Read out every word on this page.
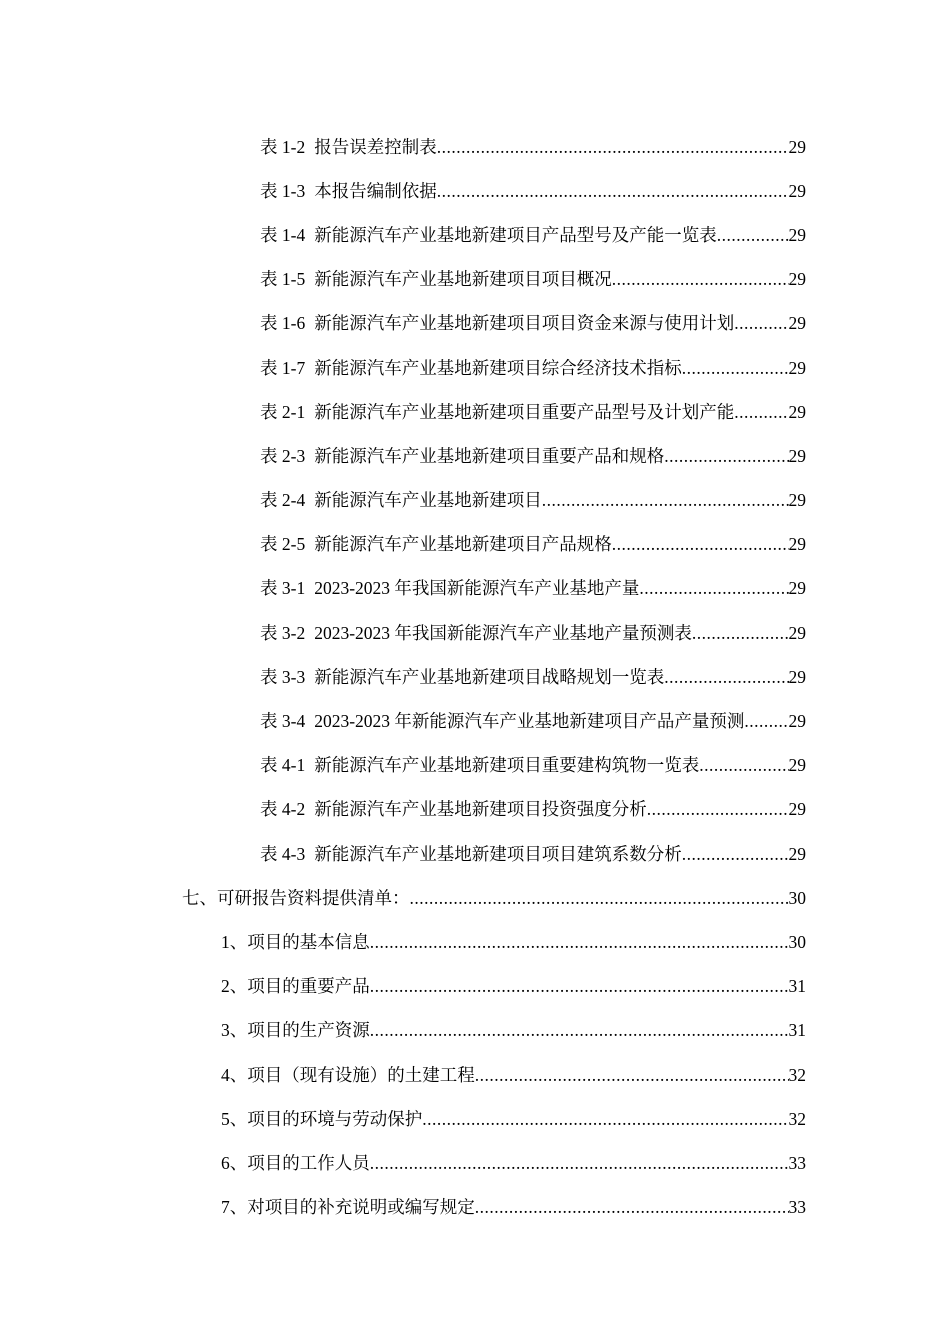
表 1-2 报告误差控制表 .....	29
表 1-3 本报告编制依据 .....	29
表 1-4 新能源汽车产业基地新建项目产品型号及产能一览表 .....	29
表 1-5 新能源汽车产业基地新建项目项目概况 .....	29
表 1-6 新能源汽车产业基地新建项目项目资金来源与使用计划 .....	29
表 1-7 新能源汽车产业基地新建项目综合经济技术指标 .....	29
表 2-1 新能源汽车产业基地新建项目重要产品型号及计划产能 .....	29
表 2-3 新能源汽车产业基地新建项目重要产品和规格 .....	29
表 2-4 新能源汽车产业基地新建项目 .....	29
表 2-5 新能源汽车产业基地新建项目产品规格 .....	29
表 3-1 2023-2023 年我国新能源汽车产业基地产量 .....	29
表 3-2 2023-2023 年我国新能源汽车产业基地产量预测表 .....	29
表 3-3 新能源汽车产业基地新建项目战略规划一览表 .....	29
表 3-4 2023-2023 年新能源汽车产业基地新建项目产品产量预测 .....	29
表 4-1 新能源汽车产业基地新建项目重要建构筑物一览表 .....	29
表 4-2 新能源汽车产业基地新建项目投资强度分析 .....	29
表 4-3 新能源汽车产业基地新建项目项目建筑系数分析 .....	29
七、可研报告资料提供清单： .....	30
1、项目的基本信息 .....	30
2、项目的重要产品 .....	31
3、项目的生产资源 .....	31
4、项目（现有设施）的土建工程 .....	32
5、项目的环境与劳动保护 .....	32
6、项目的工作人员 .....	33
7、对项目的补充说明或编写规定 .....	33
